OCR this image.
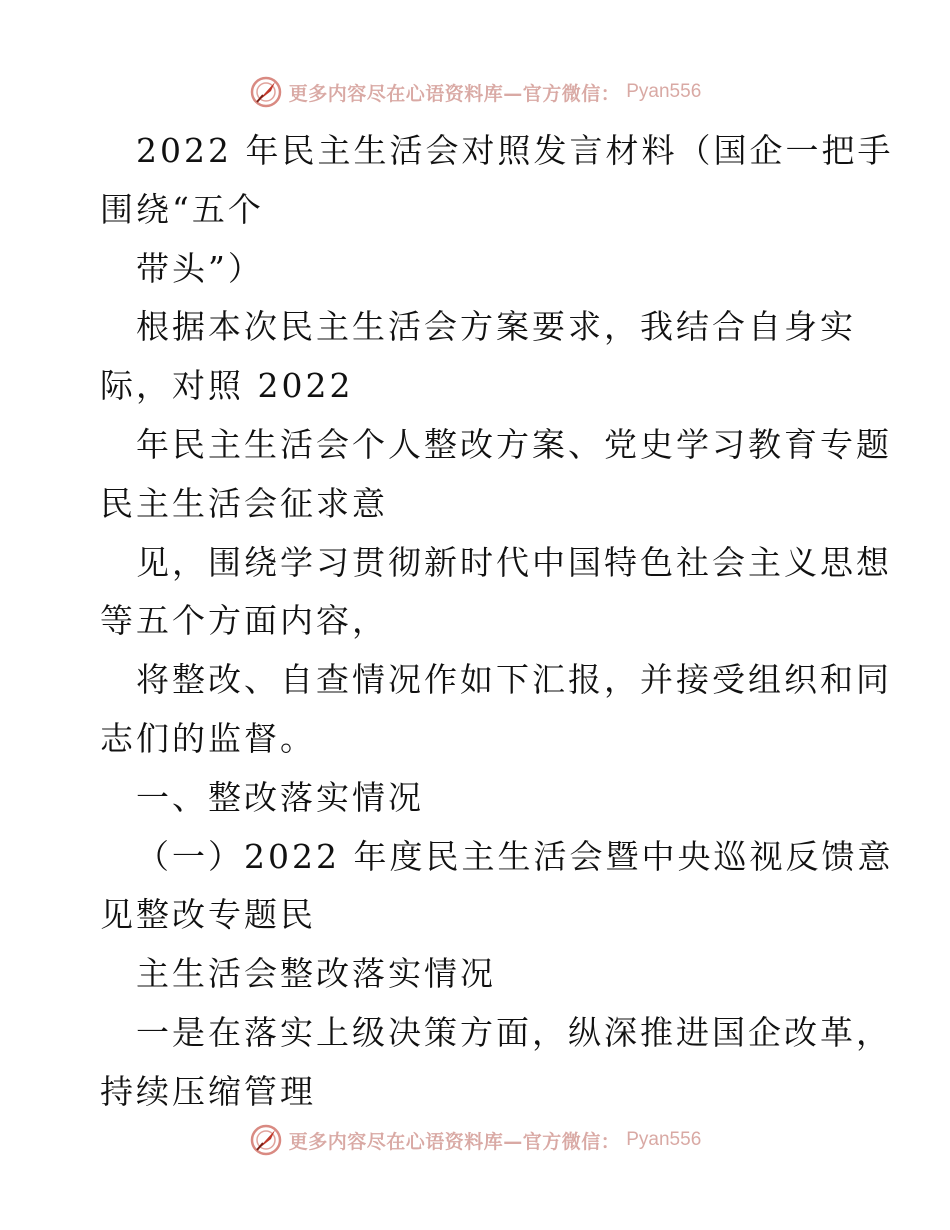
更多内容尽在心语资料库—官方微信： Pyan556
2022 年民主生活会对照发言材料（国企一把手
围绕“五个
带头”）
根据本次民主生活会方案要求，我结合自身实
际，对照 2022
年民主生活会个人整改方案、党史学习教育专题
民主生活会征求意
见，围绕学习贯彻新时代中国特色社会主义思想
等五个方面内容，
将整改、自查情况作如下汇报，并接受组织和同
志们的监督。
一、整改落实情况
（一）2022 年度民主生活会暨中央巡视反馈意
见整改专题民
主生活会整改落实情况
一是在落实上级决策方面，纵深推进国企改革，
持续压缩管理
更多内容尽在心语资料库—官方微信： Pyan556
